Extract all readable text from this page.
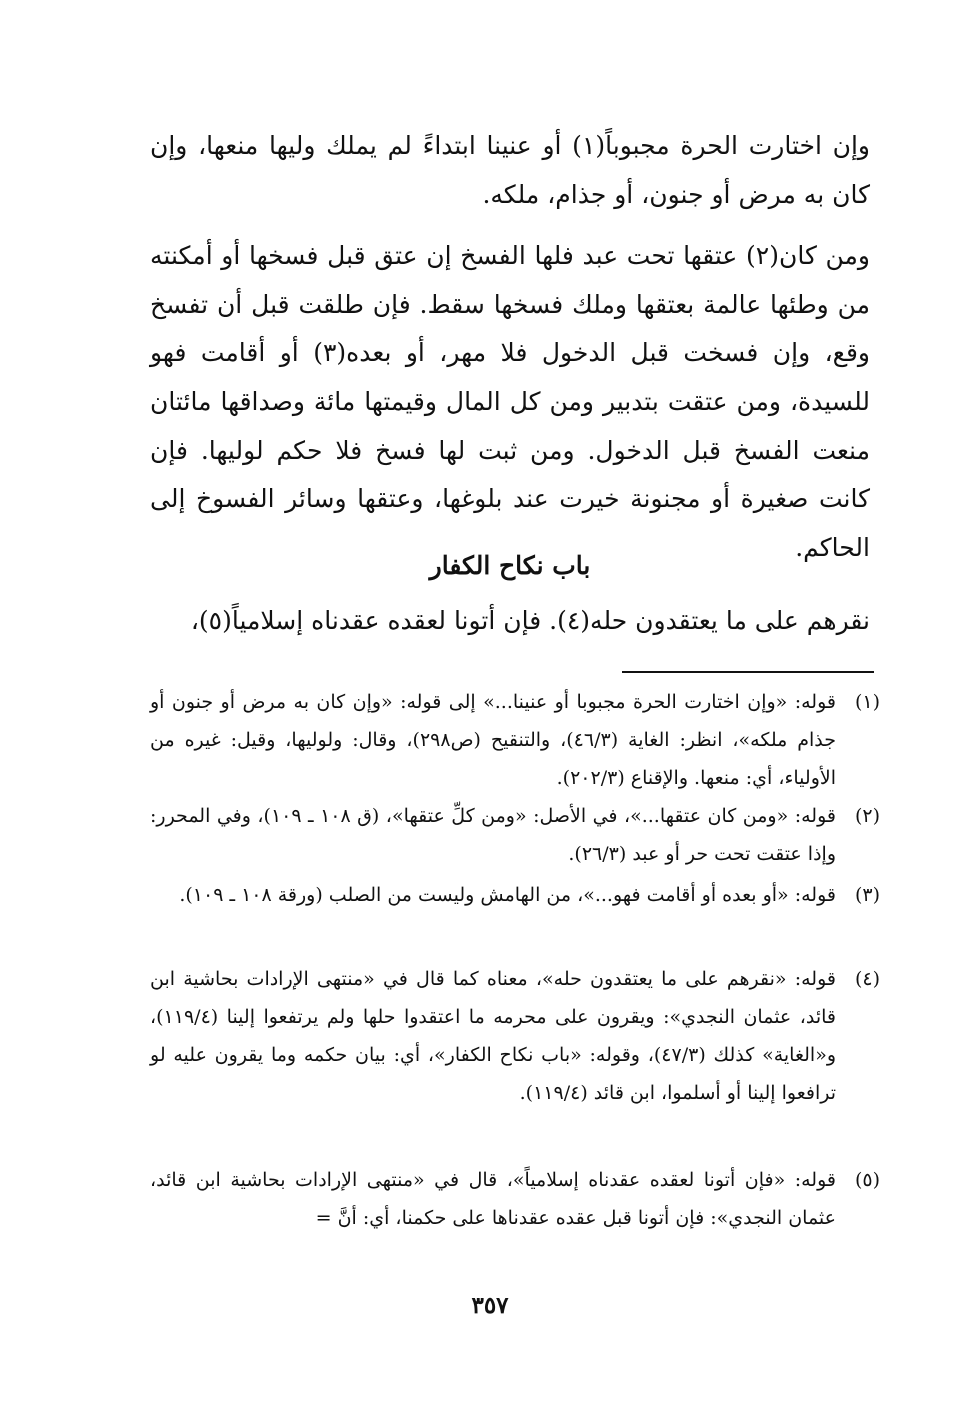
وإن اختارت الحرة مجبوباً(١) أو عنينا ابتداءً لم يملك وليها منعها، وإن كان به مرض أو جنون، أو جذام، ملكه.

ومن كان(٢) عتقها تحت عبد فلها الفسخ إن عتق قبل فسخها أو أمكنته من وطئها عالمة بعتقها وملك فسخها سقط. فإن طلقت قبل أن تفسخ وقع، وإن فسخت قبل الدخول فلا مهر، أو بعده(٣) أو أقامت فهو للسيدة، ومن عتقت بتدبير ومن كل المال وقيمتها مائة وصداقها مائتان منعت الفسخ قبل الدخول. ومن ثبت لها فسخ فلا حكم لوليها. فإن كانت صغيرة أو مجنونة خيرت عند بلوغها، وعتقها وسائر الفسوخ إلى الحاكم.

باب نكاح الكفار

نقرهم على ما يعتقدون حله(٤). فإن أتونا لعقده عقدناه إسلامياً(٥)،

(١)
قوله: «وإن اختارت الحرة مجبوبا أو عنينا...» إلى قوله: «وإن كان به مرض أو جنون أو جذام ملكه»، انظر: الغاية (٤٦/٣)، والتنقيح (ص٢٩٨)، وقال: ولوليها، وقيل: غيره من الأولياء، أي: منعها. والإقناع (٢٠٢/٣).

(٢)
قوله: «ومن كان عتقها...»، في الأصل: «ومن كلِّ عتقها»، (ق ١٠٨ ـ ١٠٩)، وفي المحرر: وإذا عتقت تحت حر أو عبد (٢٦/٣).

(٣)
قوله: «أو بعده أو أقامت فهو...»، من الهامش وليست من الصلب (ورقة ١٠٨ ـ ١٠٩).

(٤)
قوله: «نقرهم على ما يعتقدون حله»، معناه كما قال في «منتهى الإرادات بحاشية ابن قائد، عثمان النجدي»: ويقرون على محرمه ما اعتقدوا حلها ولم يرتفعوا إلينا (١١٩/٤)، و«الغاية» كذلك (٤٧/٣)، وقوله: «باب نكاح الكفار»، أي: بيان حكمه وما يقرون عليه لو ترافعوا إلينا أو أسلموا، ابن قائد (١١٩/٤).

(٥)
قوله: «فإن أتونا لعقده عقدناه إسلامياً»، قال في «منتهى الإرادات بحاشية ابن قائد، عثمان النجدي»: فإن أتونا قبل عقده عقدناها على حكمنا، أي: أنَّ =

٣٥٧
